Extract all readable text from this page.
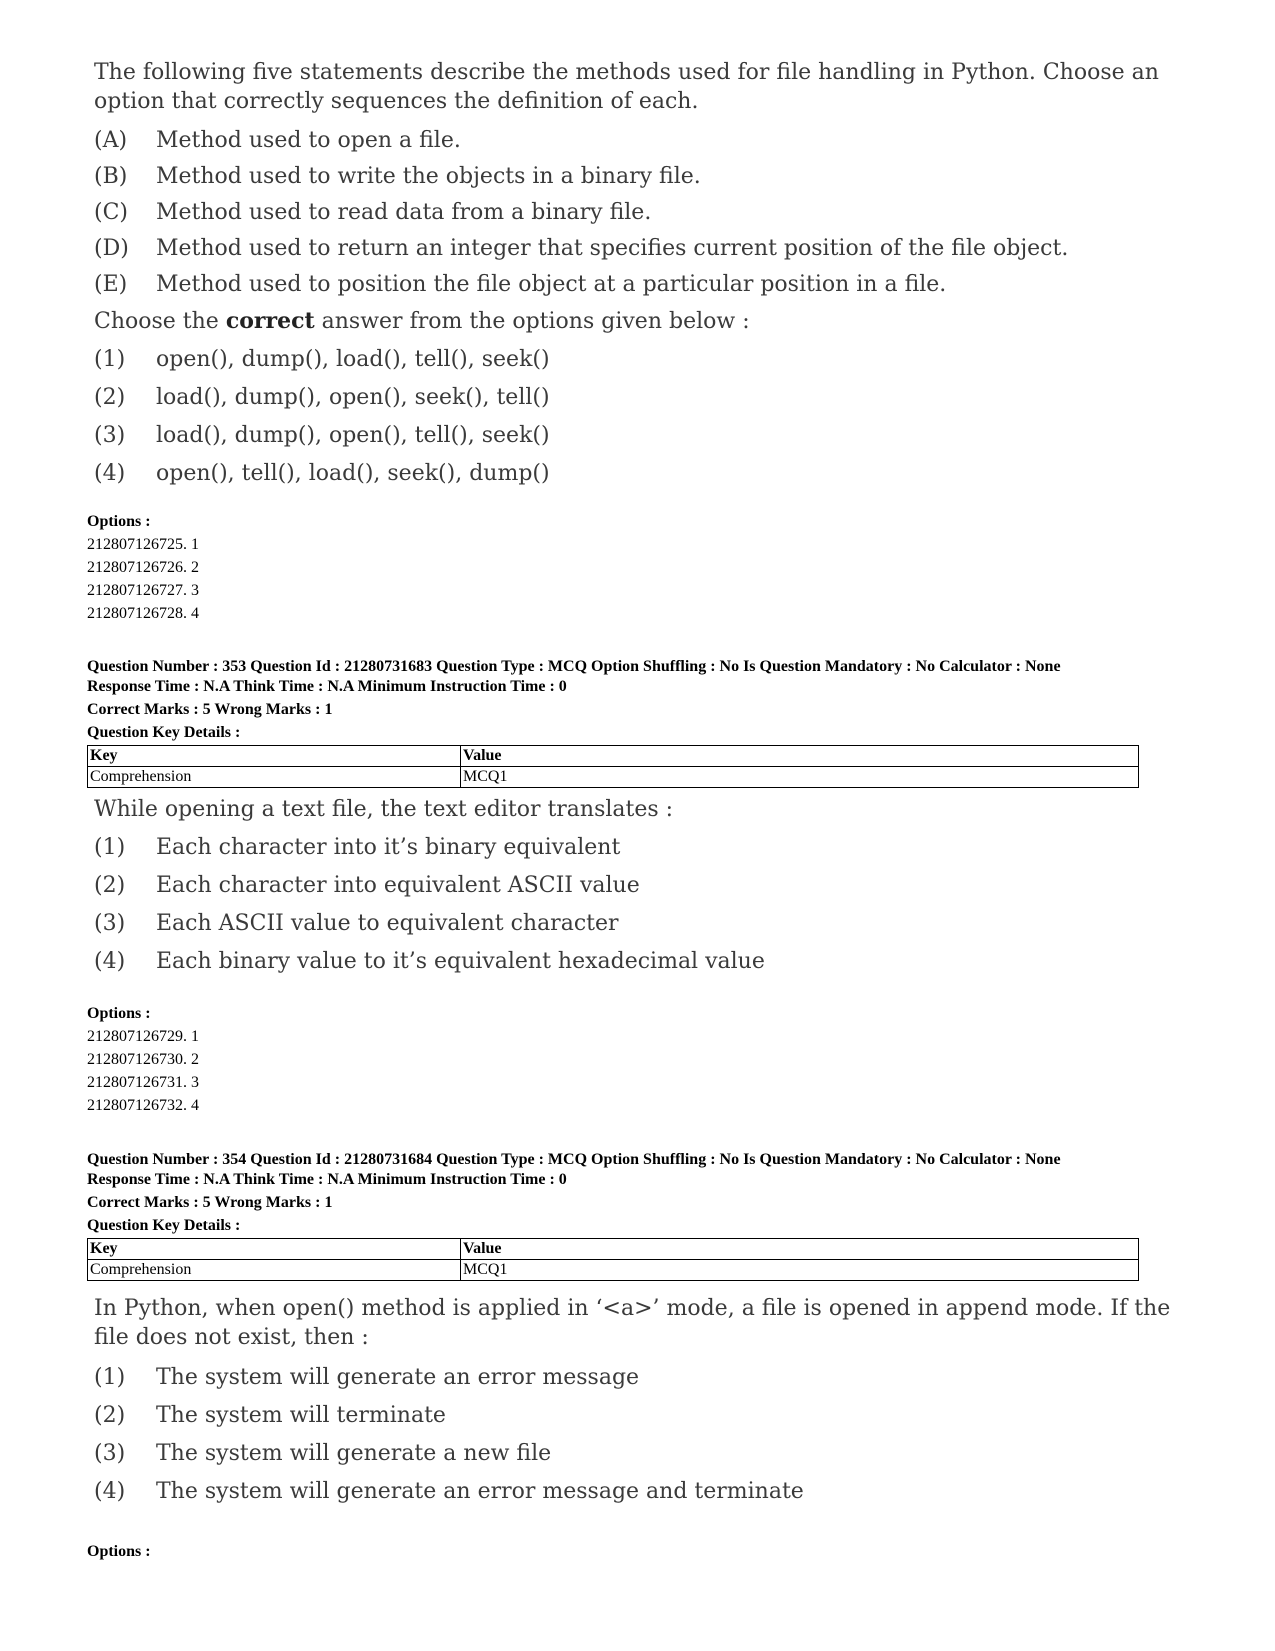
The following five statements describe the methods used for file handling in Python. Choose an option that correctly sequences the definition of each.

(A)	Method used to open a file.
(B)	Method used to write the objects in a binary file.
(C)	Method used to read data from a binary file.
(D)	Method used to return an integer that specifies current position of the file object.
(E)	Method used to position the file object at a particular position in a file.
Choose the correct answer from the options given below :
(1)	open(), dump(), load(), tell(), seek()
(2)	load(), dump(), open(), seek(), tell()
(3)	load(), dump(), open(), tell(), seek()
(4)	open(), tell(), load(), seek(), dump()
Options :
212807126725. 1
212807126726. 2
212807126727. 3
212807126728. 4
Question Number : 353 Question Id : 21280731683 Question Type : MCQ Option Shuffling : No Is Question Mandatory : No Calculator : None
Response Time : N.A Think Time : N.A Minimum Instruction Time : 0
Correct Marks : 5 Wrong Marks : 1
Question Key Details :
Key	Value
Comprehension	MCQ1

While opening a text file, the text editor translates :

(1)	Each character into it’s binary equivalent
(2)	Each character into equivalent ASCII value
(3)	Each ASCII value to equivalent character
(4)	Each binary value to it’s equivalent hexadecimal value
Options :
212807126729. 1
212807126730. 2
212807126731. 3
212807126732. 4
Question Number : 354 Question Id : 21280731684 Question Type : MCQ Option Shuffling : No Is Question Mandatory : No Calculator : None
Response Time : N.A Think Time : N.A Minimum Instruction Time : 0
Correct Marks : 5 Wrong Marks : 1
Question Key Details :
Key	Value
Comprehension	MCQ1

In Python, when open() method is applied in ‘<a>’ mode, a file is opened in append mode. If the file does not exist, then :

(1)	The system will generate an error message
(2)	The system will terminate
(3)	The system will generate a new file
(4)	The system will generate an error message and terminate
Options :
